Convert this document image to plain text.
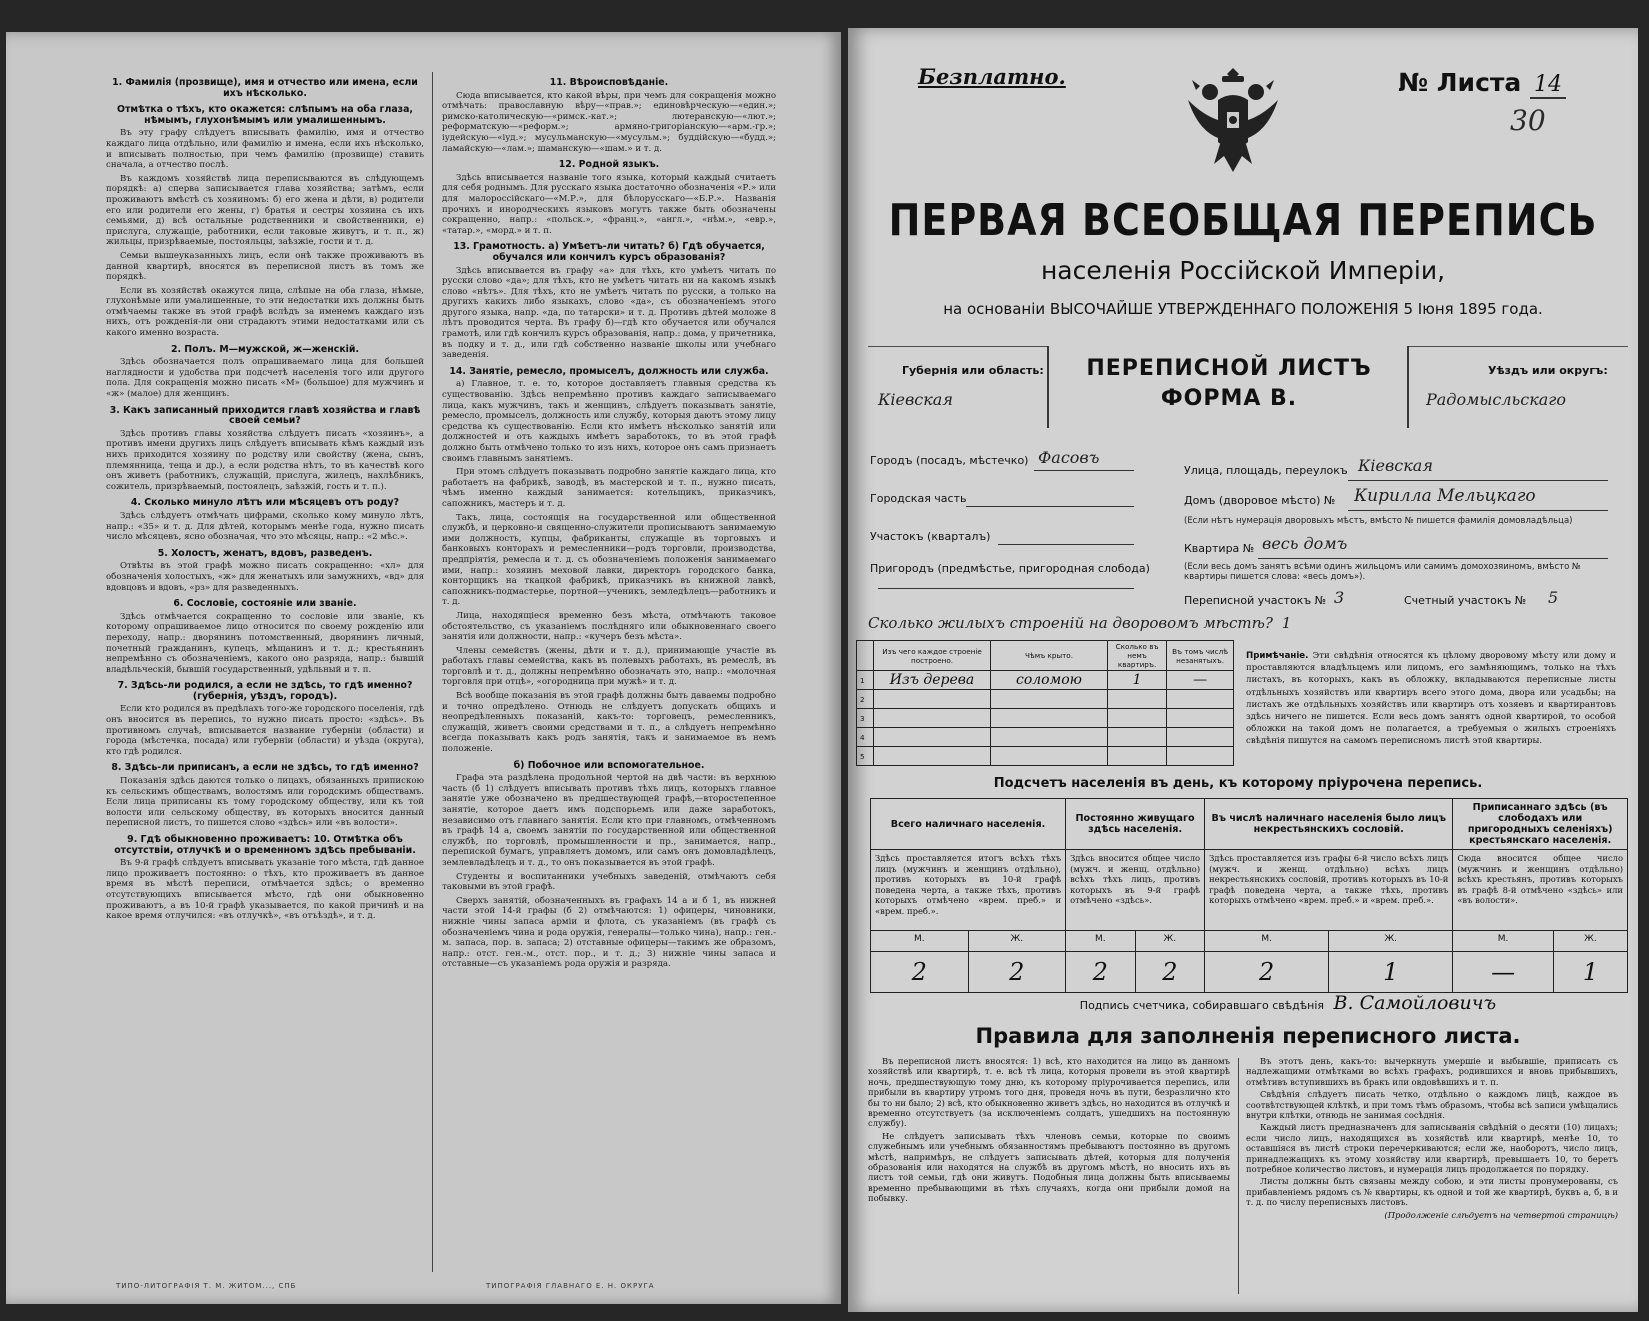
1. Фамилія (прозвище), имя и отчество или имена, если ихъ нѣсколько.
Отмѣтка о тѣхъ, кто окажется: слѣпымъ на оба глаза, нѣмымъ, глухонѣмымъ или умалишеннымъ.

Въ эту графу слѣдуетъ вписывать фамилію, имя и отчество каждаго лица отдѣльно, или фамилію и имена, если ихъ нѣсколько, и вписывать полностью, при чемъ фамилію (прозвище) ставить сначала, а отчество послѣ.

Въ каждомъ хозяйствѣ лица переписываются въ слѣдующемъ порядкѣ: а) сперва записывается глава хозяйства; затѣмъ, если проживаютъ вмѣстѣ съ хозяиномъ: б) его жена и дѣти, в) родители его или родители его жены, г) братья и сестры хозяина съ ихъ семьями, д) всѣ остальные родственники и свойственники, е) прислуга, служащіе, работники, если таковые живутъ, и т. п., ж) жильцы, призрѣваемые, постояльцы, заѣзжіе, гости и т. д.

Семьи вышеуказанныхъ лицъ, если онѣ также проживаютъ въ данной квартирѣ, вносятся въ переписной листъ въ томъ же порядкѣ.

Если въ хозяйствѣ окажутся лица, слѣпые на оба глаза, нѣмые, глухонѣмые или умалишенные, то эти недостатки ихъ должны быть отмѣчаемы также въ этой графѣ вслѣдъ за именемъ каждаго изъ нихъ, отъ рожденія-ли они страдаютъ этими недостатками или съ какого именно возраста.

2. Полъ. М—мужской, ж—женскій.

Здѣсь обозначается полъ опрашиваемаго лица для большей наглядности и удобства при подсчетѣ населенія того или другого пола. Для сокращенія можно писать «М» (большое) для мужчинъ и «ж» (малое) для женщинъ.

3. Какъ записанный приходится главѣ хозяйства и главѣ своей семьи?

Здѣсь противъ главы хозяйства слѣдуетъ писать «хозяинъ», а противъ имени другихъ лицъ слѣдуетъ вписывать кѣмъ каждый изъ нихъ приходится хозяину по родству или свойству (жена, сынъ, племянница, теща и др.), а если родства нѣтъ, то въ качествѣ кого онъ живетъ (работникъ, служащій, прислуга, жилецъ, нахлѣбникъ, сожитель, призрѣваемый, постоялецъ, заѣзжій, гость и т. п.).

4. Сколько минуло лѣтъ или мѣсяцевъ отъ роду?

Здѣсь слѣдуетъ отмѣчать цифрами, сколько кому минуло лѣтъ, напр.: «35» и т. д. Для дѣтей, которымъ менѣе года, нужно писать число мѣсяцевъ, ясно обозначая, что это мѣсяцы, напр.: «2 мѣс.».

5. Холостъ, женатъ, вдовъ, разведенъ.

Отвѣты въ этой графѣ можно писать сокращенно: «хл» для обозначенія холостыхъ, «ж» для женатыхъ или замужнихъ, «вд» для вдовцовъ и вдовъ, «рз» для разведенныхъ.

6. Сословіе, состояніе или званіе.

Здѣсь отмѣчается сокращенно то сословіе или званіе, къ которому опрашиваемое лицо относится по своему рожденію или переходу, напр.: дворянинъ потомственный, дворянинъ личный, почетный гражданинъ, купецъ, мѣщанинъ и т. д.; крестьянинъ непремѣнно съ обозначеніемъ, какого оно разряда, напр.: бывшій владѣльческій, бывшій государственный, удѣльный и т. п.

7. Здѣсь-ли родился, а если не здѣсь, то гдѣ именно? (губернія, уѣздъ, городъ).

Если кто родился въ предѣлахъ того-же городского поселенія, гдѣ онъ вносится въ перепись, то нужно писать просто: «здѣсь». Въ противномъ случаѣ, вписывается название губерніи (области) и города (мѣстечка, посада) или губерніи (области) и уѣзда (округа), кто гдѣ родился.

8. Здѣсь-ли приписанъ, а если не здѣсь, то гдѣ именно?

Показанія здѣсь даются только о лицахъ, обязанныхъ припискою къ сельскимъ обществамъ, волостямъ или городскимъ обществамъ. Если лица приписаны къ тому городскому обществу, или къ той волости или сельскому обществу, въ которыхъ вносится данный переписной листъ, то пишется слово «здѣсь» или «въ волости».

9. Гдѣ обыкновенно проживаетъ: 10. Отмѣтка объ отсутствіи, отлучкѣ и о временномъ здѣсь пребываніи.

Въ 9-й графѣ слѣдуетъ вписывать указаніе того мѣста, гдѣ данное лицо проживаетъ постоянно: о тѣхъ, кто проживаетъ въ данное время въ мѣстѣ переписи, отмѣчается здѣсь; о временно отсутствующихъ вписывается мѣсто, гдѣ они обыкновенно проживаютъ, а въ 10-й графѣ указывается, по какой причинѣ и на какое время отлучился: «въ отлучкѣ», «въ отъѣздѣ», и т. д.

11. Вѣроисповѣданіе.

Сюда вписывается, кто какой вѣры, при чемъ для сокращенія можно отмѣчать: православную вѣру—«прав.»; единовѣрческую—«един.»; римско-католическую—«римск.-кат.»; лютеранскую—«лют.»; реформатскую—«реформ.»; армяно-григоріанскую—«арм.-гр.»; іудейскую—«іуд.»; мусульманскую—«мусульм.»; буддійскую—«будд.»; ламайскую—«лам.»; шаманскую—«шам.» и т. д.

12. Родной языкъ.

Здѣсь вписывается названіе того языка, который каждый считаетъ для себя роднымъ. Для русскаго языка достаточно обозначенія «Р.» или для малороссійскаго—«М.Р.», для бѣлорусскаго—«Б.Р.». Названія прочихъ и инородческихъ языковъ могутъ также быть обозначены сокращенно, напр.: «польск.», «франц.», «англ.», «нѣм.», «евр.», «татар.», «морд.» и т. п.

13. Грамотность. а) Умѣетъ-ли читать? б) Гдѣ обучается, обучался или кончилъ курсъ образованія?

Здѣсь вписывается въ графу «а» для тѣхъ, кто умѣетъ читать по русски слово «да»; для тѣхъ, кто не умѣетъ читать ни на какомъ языкѣ слово «нѣтъ». Для тѣхъ, кто не умѣетъ читать по русски, а только на другихъ какихъ либо языкахъ, слово «да», съ обозначеніемъ этого другого языка, напр. «да, по татарски» и т. д. Противъ дѣтей моложе 8 лѣтъ проводится черта. Въ графу б)—гдѣ кто обучается или обучался грамотѣ, или гдѣ кончилъ курсъ образованія, напр.: дома, у причетника, въ подку и т. д., или гдѣ собственно названіе школы или учебнаго заведенія.

14. Занятіе, ремесло, промыселъ, должность или служба.

а) Главное, т. е. то, которое доставляетъ главныя средства къ существованію. Здѣсь непремѣнно противъ каждаго записываемаго лица, какъ мужчинъ, такъ и женщинъ, слѣдуетъ показывать занятіе, ремесло, промыселъ, должность или службу, которыя даютъ этому лицу средства къ существованію. Если кто имѣетъ нѣсколько занятій или должностей и отъ каждыхъ имѣетъ заработокъ, то въ этой графѣ должно быть отмѣчено только то изъ нихъ, которое онъ самъ признаетъ своимъ главнымъ занятіемъ.

При этомъ слѣдуетъ показывать подробно занятіе каждаго лица, кто работаетъ на фабрикѣ, заводѣ, въ мастерской и т. п., нужно писать, чѣмъ именно каждый занимается: котельщикъ, приказчикъ, сапожникъ, мастеръ и т. д.

Такъ, лица, состоящія на государственной или общественной службѣ, и церковно-и священно-служители прописываютъ занимаемую ими должность, купцы, фабриканты, служащіе въ торговыхъ и банковыхъ конторахъ и ремесленники—родъ торговли, производства, предпріятія, ремесла и т. д. съ обозначеніемъ положенія занимаемаго ими, напр.: хозяинъ меховой лавки, директоръ городского банка, конторщикъ на ткацкой фабрикѣ, приказчикъ въ книжной лавкѣ, сапожникъ-подмастерье, портной—ученикъ, земледѣлецъ—работникъ и т. д.

Лица, находящіеся временно безъ мѣста, отмѣчаютъ таковое обстоятельство, съ указаніемъ послѣдняго или обыкновеннаго своего занятія или должности, напр.: «кучеръ безъ мѣста».

Члены семействъ (жены, дѣти и т. д.), принимающіе участіе въ работахъ главы семейства, какъ въ полевыхъ работахъ, въ ремеслѣ, въ торговлѣ и т. д., должны непремѣнно обозначать это, напр.: «молочная торговля при отцѣ», «огородница при мужѣ» и т. д.

Всѣ вообще показанія въ этой графѣ должны быть даваемы подробно и точно опредѣлено. Отнюдь не слѣдуетъ допускать общихъ и неопредѣленныхъ показаній, какъ-то: торговецъ, ремесленникъ, служащій, живетъ своими средствами и т. п., а слѣдуетъ непремѣнно всегда показывать какъ родъ занятія, такъ и занимаемое въ немъ положеніе.

б) Побочное или вспомогательное.

Графа эта раздѣлена продольной чертой на двѣ части: въ верхнюю часть (б 1) слѣдуетъ вписывать противъ тѣхъ лицъ, которыхъ главное занятіе уже обозначено въ предшествующей графѣ,—второстепенное занятіе, которое даетъ имъ подспорьемъ или даже заработокъ, независимо отъ главнаго занятія. Если кто при главномъ, отмѣченномъ въ графѣ 14 а, своемъ занятіи по государственной или общественной службѣ, по торговлѣ, промышленности и пр., занимается, напр., перепиской бумагъ, управляетъ домомъ, или самъ онъ домовладѣлецъ, землевладѣлецъ и т. д., то онъ показывается въ этой графѣ.

Студенты и воспитанники учебныхъ заведеній, отмѣчаютъ себя таковыми въ этой графѣ.

Сверхъ занятій, обозначенныхъ въ графахъ 14 а и б 1, въ нижней части этой 14-й графы (б 2) отмѣчаются: 1) офицеры, чиновники, нижніе чины запаса армiи и флота, съ указаніемъ (въ графѣ съ обозначеніемъ чина и рода оружія, генералы—только чина), напр.: ген.-м. запаса, пор. в. запаса; 2) отставные офицеры—такимъ же образомъ, напр.: отст. ген.-м., отст. пор., и т. д.; 3) нижніе чины запаса и отставные—съ указаніемъ рода оружія и разряда.

ТИПО-ЛИТОГРАФІЯ Т. М. ЖИТОМ..., СПБ	ТИПОГРАФІЯ ГЛАВНАГО Е. Н. ОКРУГА
Безплатно.	№ Листа 14
30
ПЕРВАЯ ВСЕОБЩАЯ ПЕРЕПИСЬ
населенія Россійской Имперіи,
на основаніи ВЫСОЧАЙШЕ УТВЕРЖДЕННАГО ПОЛОЖЕНІЯ 5 Іюня 1895 года.
Губернія или область:
Кіевская
ПЕРЕПИСНОЙ ЛИСТЪ
ФОРМА В.
Уѣздъ или округъ:
Радомысльскаго
Городъ (посадъ, мѣстечко) Фасовъ
Улица, площадь, переулокъ Кіевская
Городская часть	Домъ (дворовое мѣсто) № Кирилла Мельцкаго
(Если нѣтъ нумерація дворовыхъ мѣстъ, вмѣсто № пишется фамилія домовладѣльца)
Участокъ (кварталъ)
Квартира № весь домъ
Пригородъ (предмѣстье, пригородная слобода)	(Если весь домъ занятъ всѣми одинъ жильцомъ или самимъ домохозяиномъ, вмѣсто № квартиры пишется слова: «весь домъ»).
Переписной участокъ № 3	Счетный участокъ № 5
Сколько жилыхъ строеній на дворовомъ мѣстѣ? 1
	Изъ чего каждое строеніе построено.	Чѣмъ крыто.	Сколько въ немъ квартиръ.	Въ томъ числѣ незанятыхъ.
1	Изъ дерева	соломою	1	—
2				
3				
4				
5				
Примѣчаніе. Эти свѣдѣнія относятся къ цѣлому дворовому мѣсту или дому и проставляются владѣльцемъ или лицомъ, его замѣняющимъ, только на тѣхъ листахъ, въ которыхъ, какъ въ обложку, вкладываются переписные листы отдѣльныхъ хозяйствъ или квартиръ всего этого дома, двора или усадьбы; на листахъ же отдѣльныхъ хозяйствъ или квартиръ отъ хозяевъ и квартирантовъ здѣсь ничего не пишется. Если весь домъ занятъ одной квартирой, то особой обложки на такой домъ не полагается, а требуемыя о жилыхъ строеніяхъ свѣдѣнія пишутся на самомъ переписномъ листѣ этой квартиры.
Подсчетъ населенія въ день, къ которому пріурочена перепись.
Всего наличнаго населенія.		Постоянно живущаго здѣсь населенія.		Въ числѣ наличнаго населенія было лицъ некрестьянскихъ сословій.		Приписаннаго здѣсь (въ слободахъ или пригородныхъ селеніяхъ) крестьянскаго населенія.	
Здѣсь проставляется итогъ всѣхъ тѣхъ лицъ (мужчинъ и женщинъ отдѣльно), противъ которыхъ въ 10-й графѣ поведена черта, а также тѣхъ, противъ которыхъ отмѣчено «врем. преб.» и «врем. преб.».		Здѣсь вносится общее число (мужч. и женщ. отдѣльно) всѣхъ тѣхъ лицъ, противъ которыхъ въ 9-й графѣ отмѣчено «здѣсь».		Здѣсь проставляется изъ графы 6-й число всѣхъ лицъ (мужч. и женщ. отдѣльно) всѣхъ лицъ некрестьянскихъ сословій, противъ которыхъ въ 10-й графѣ поведена черта, а также тѣхъ, противъ которыхъ отмѣчено «врем. преб.» и «врем. преб.».		Сюда вносится общее число (мужчинъ и женщинъ отдѣльно) всѣхъ крестьянъ, противъ которыхъ въ графѣ 8-й отмѣчено «здѣсь» или «въ волости».	
М.	Ж.	М.	Ж.	М.	Ж.	М.	Ж.
2	2	2	2	2	1	—	1
Подпись счетчика, собиравшаго свѣдѣнія В. Самойловичъ
Правила для заполненія переписного листа.

Въ переписной листъ вносятся: 1) всѣ, кто находится на лицо въ данномъ хозяйствѣ или квартирѣ, т. е. всѣ тѣ лица, которыя провели въ этой квартирѣ ночь, предшествующую тому дню, къ которому пріурочивается перепись, или прибыли въ квартиру утромъ того дня, проведя ночь въ пути, безразлично кто бы то ни было; 2) всѣ, кто обыкновенно живетъ здѣсь, но находится въ отлучкѣ и временно отсутствуетъ (за исключеніемъ солдатъ, ушедшихъ на постоянную службу).

Не слѣдуетъ записывать тѣхъ членовъ семьи, которые по своимъ служебнымъ или учебнымъ обязанностямъ пребываютъ постоянно въ другомъ мѣстѣ, напримѣръ, не слѣдуетъ записывать дѣтей, которыя для полученія образованія или находятся на службѣ въ другомъ мѣстѣ, но вносить ихъ въ листъ той семьи, гдѣ они живутъ. Подобныя лица должны быть вписываемы временно пребывающими въ тѣхъ случаяхъ, когда они прибыли домой на побывку.

Въ этотъ день, какъ-то: вычеркнуть умершіе и выбывшіе, приписать съ надлежащими отмѣтками во всѣхъ графахъ, родившихся и вновь прибывшихъ, отмѣтивъ вступившихъ въ бракъ или овдовѣвшихъ и т. п.

Свѣдѣнія слѣдуетъ писать четко, отдѣльно о каждомъ лицѣ, каждое въ соотвѣтствующей клѣткѣ, и при томъ тѣмъ образомъ, чтобы всѣ записи умѣщались внутри клѣтки, отнюдь не занимая сосѣднія.

Каждый листъ предназначенъ для записыванія свѣдѣній о десяти (10) лицахъ; если число лицъ, находящихся въ хозяйствѣ или квартирѣ, менѣе 10, то оставшіяся въ листѣ строки перечеркиваются; если же, наоборотъ, число лицъ, принадлежащихъ къ этому хозяйству или квартирѣ, превышаетъ 10, то беретъ потребное количество листовъ, и нумерація лицъ продолжается по порядку.

Листы должны быть связаны между собою, и эти листы пронумерованы, съ прибавленіемъ рядомъ съ № квартиры, къ одной и той же квартирѣ, буквъ а, б, в и т. д. по числу переписныхъ листовъ.

(Продолженіе слѣдуетъ на четвертой страницѣ)
